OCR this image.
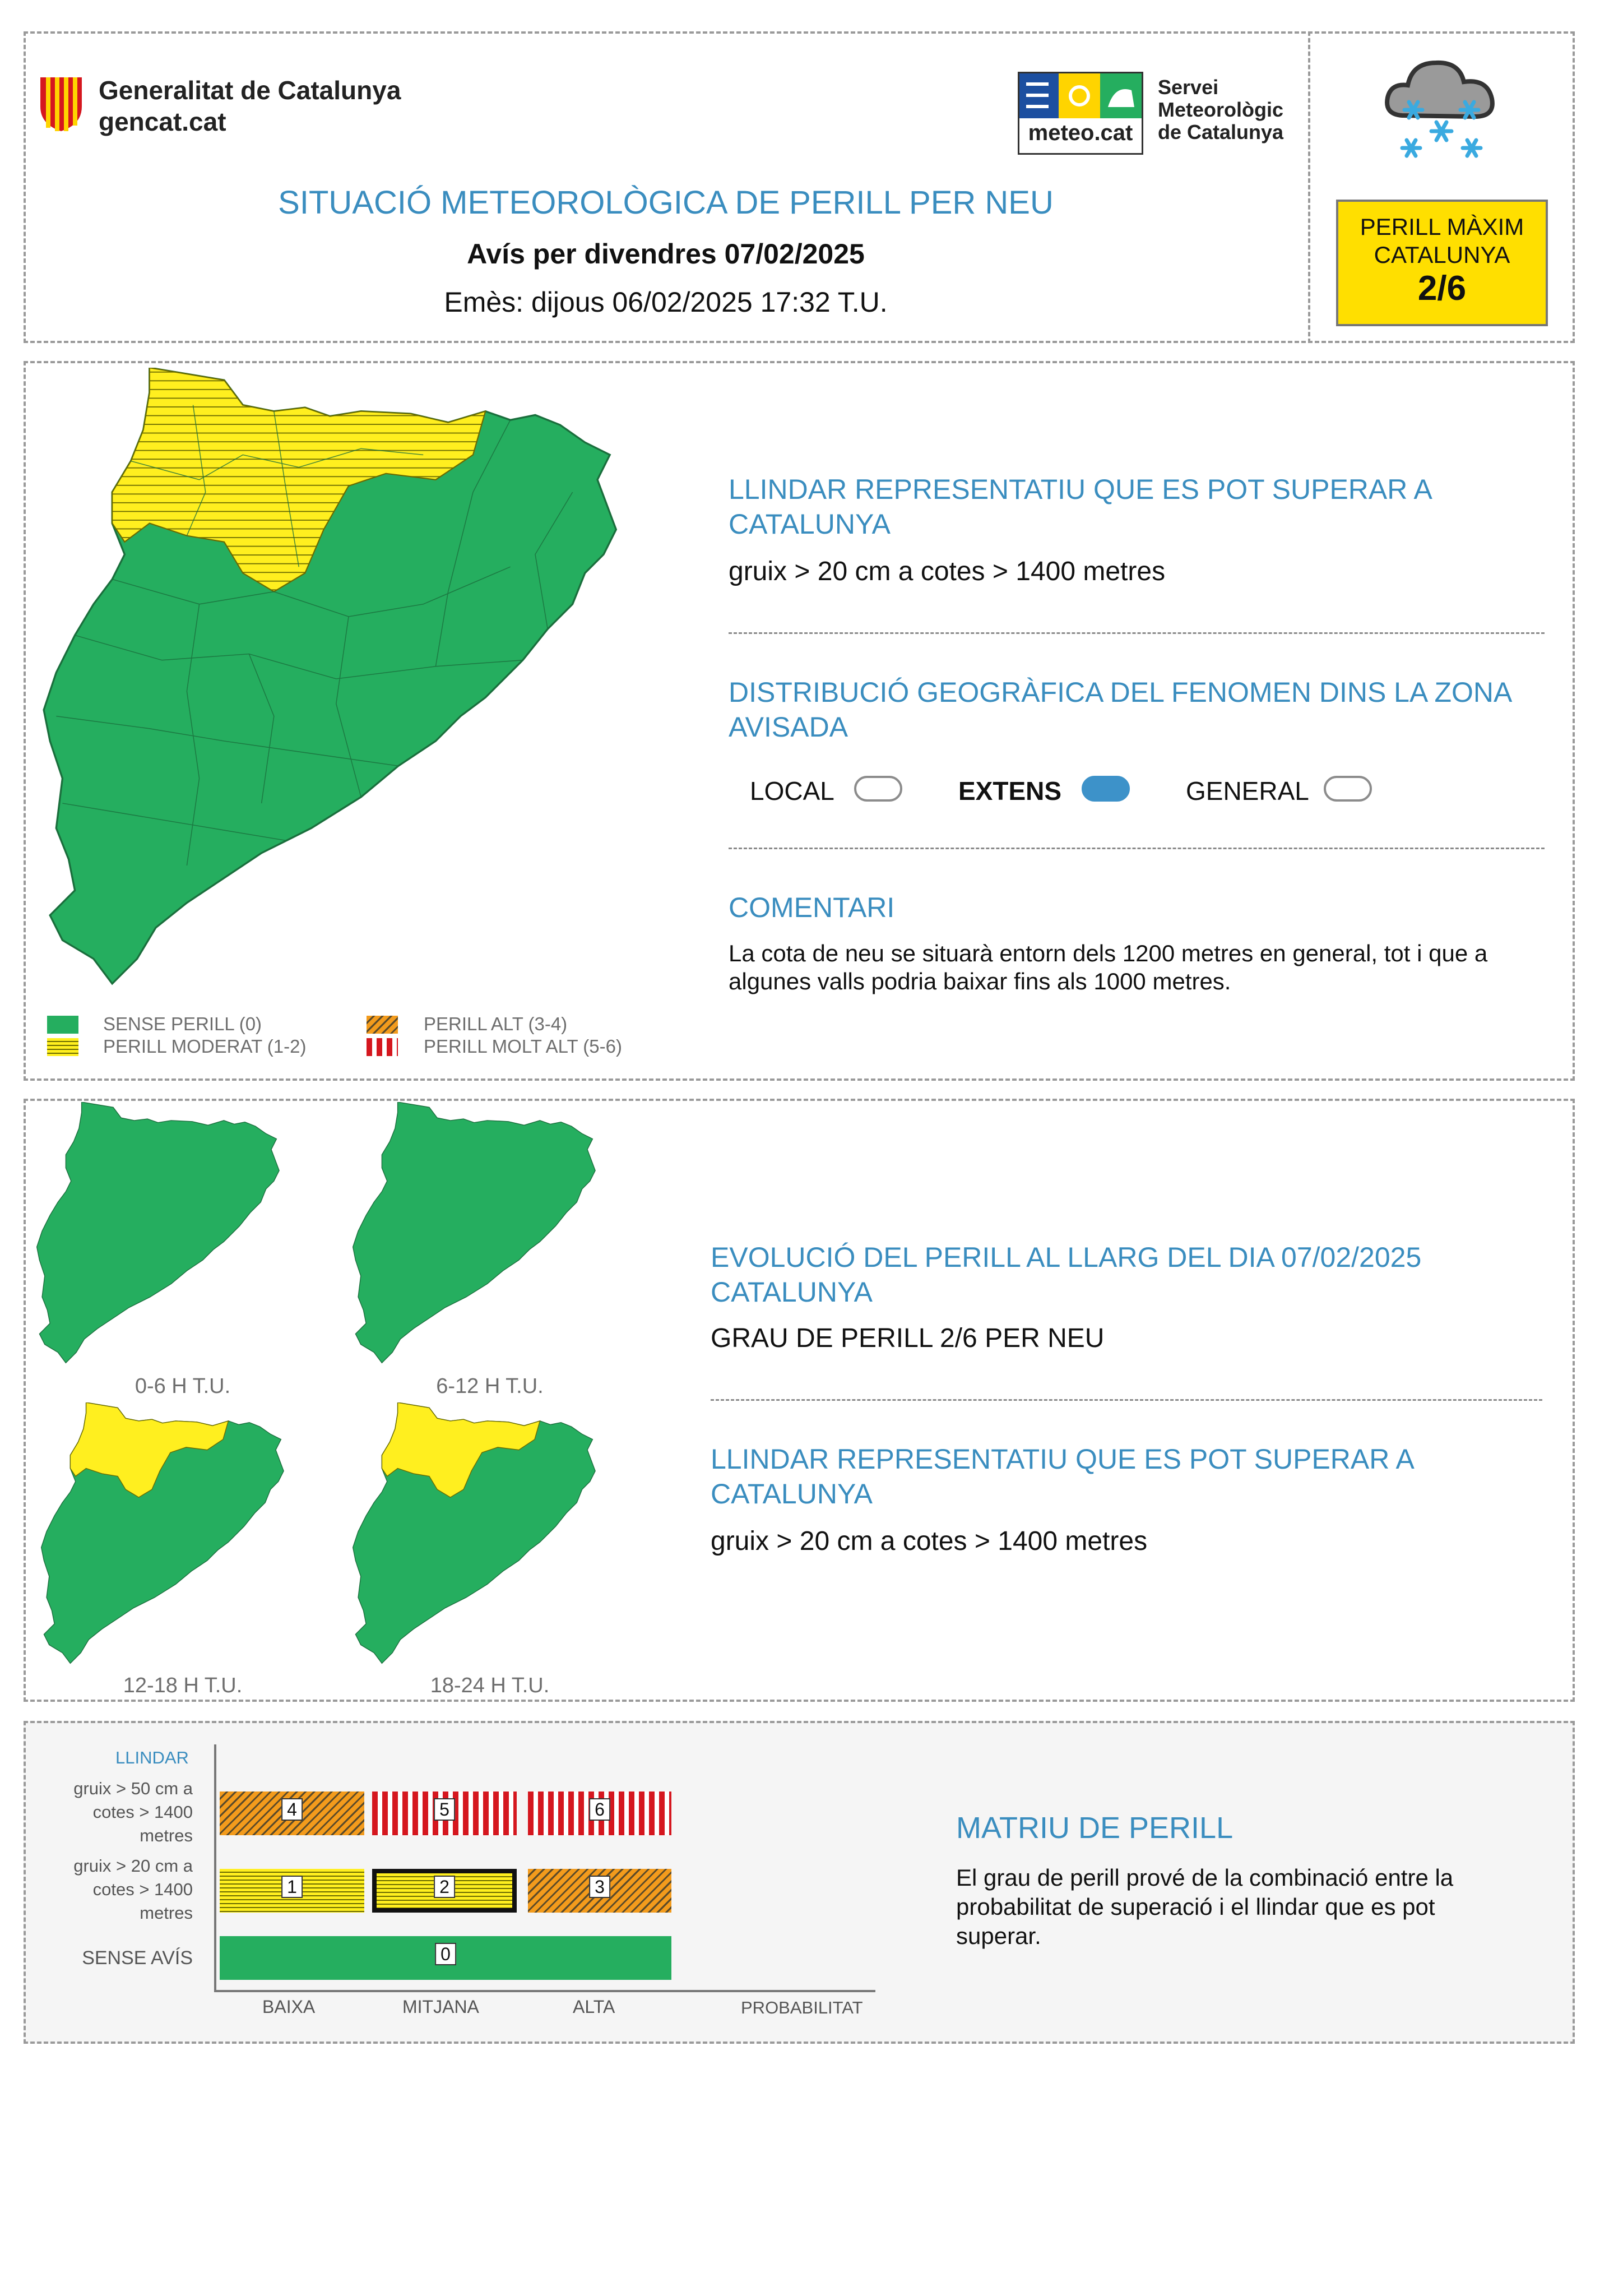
Generalitat de Catalunya
gencat.cat	meteo.cat
Servei
Meteorològic
de Catalunya
SITUACIÓ METEOROLÒGICA DE PERILL PER NEU
Avís per divendres 07/02/2025
Emès: dijous 06/02/2025 17:32 T.U.
PERILL MÀXIM
CATALUNYA
2/6
SENSE PERILL (0)
PERILL MODERAT (1-2)
PERILL ALT (3-4)
PERILL MOLT ALT (5-6)
LLINDAR REPRESENTATIU QUE ES POT SUPERAR A CATALUNYA
gruix > 20 cm a cotes > 1400 metres
DISTRIBUCIÓ GEOGRÀFICA DEL FENOMEN DINS LA ZONA AVISADA
LOCAL	EXTENS	GENERAL
COMENTARI
La cota de neu se situarà entorn dels 1200 metres en general, tot i que a algunes valls podria baixar fins als 1000 metres.
0-6 H T.U.	6-12 H T.U.
12-18 H T.U.	18-24 H T.U.
EVOLUCIÓ DEL PERILL AL LLARG DEL DIA 07/02/2025 CATALUNYA
GRAU DE PERILL 2/6 PER NEU
LLINDAR REPRESENTATIU QUE ES POT SUPERAR A CATALUNYA
gruix > 20 cm a cotes > 1400 metres
LLINDAR
gruix > 50 cm a cotes > 1400 metres
gruix > 20 cm a cotes > 1400 metres
SENSE AVÍS
4	5	6
1	2	3
0
BAIXA	MITJANA	ALTA	PROBABILITAT
MATRIU DE PERILL
El grau de perill prové de la combinació entre la probabilitat de superació i el llindar que es pot superar.
